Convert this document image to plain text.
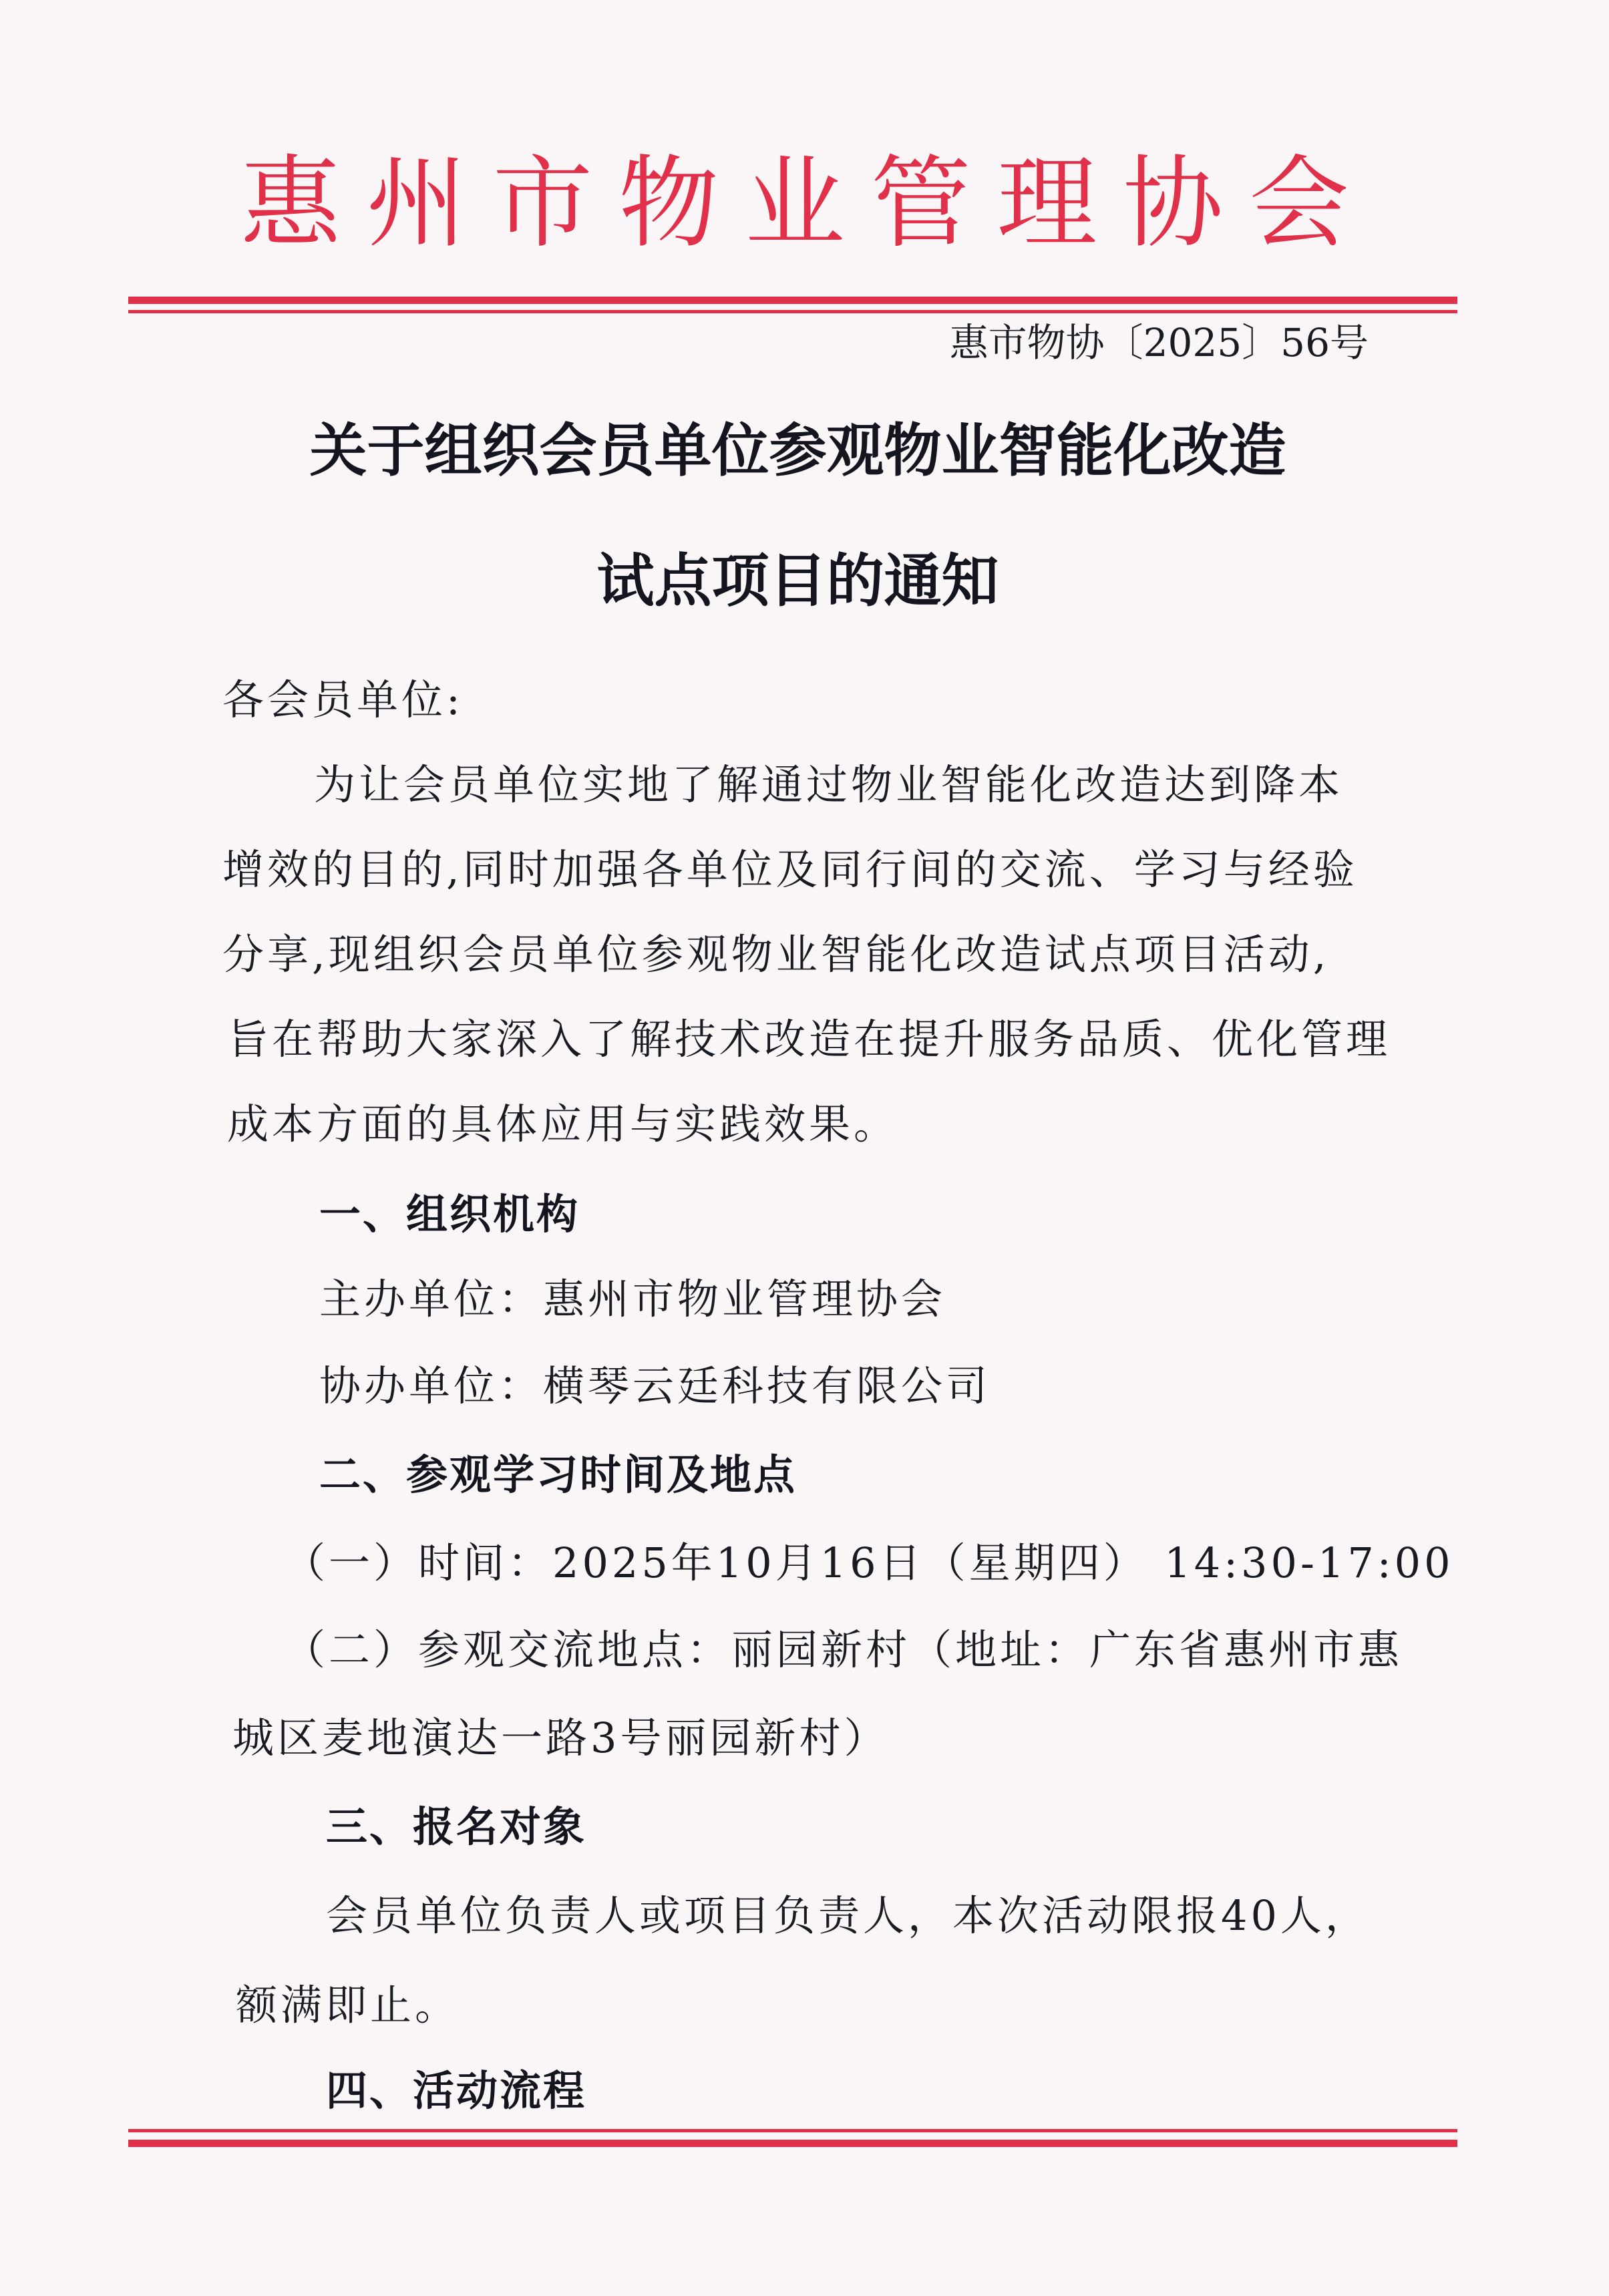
惠 州 市 物 业 管 理 协 会
惠市物协〔2025〕56号
关于组织会员单位参观物业智能化改造
试点项目的通知
各会员单位:
为让会员单位实地了解通过物业智能化改造达到降本
增效的目的,同时加强各单位及同行间的交流、学习与经验
分享,现组织会员单位参观物业智能化改造试点项目活动,
旨在帮助大家深入了解技术改造在提升服务品质、优化管理
成本方面的具体应用与实践效果。
一、组织机构
主办单位：惠州市物业管理协会
协办单位：横琴云廷科技有限公司
二、参观学习时间及地点
（一）时间：2025年10月16日（星期四） 14:30-17:00
（二）参观交流地点：丽园新村（地址：广东省惠州市惠
城区麦地演达一路3号丽园新村）
三、报名对象
会员单位负责人或项目负责人，本次活动限报40人，
额满即止。
四、活动流程
